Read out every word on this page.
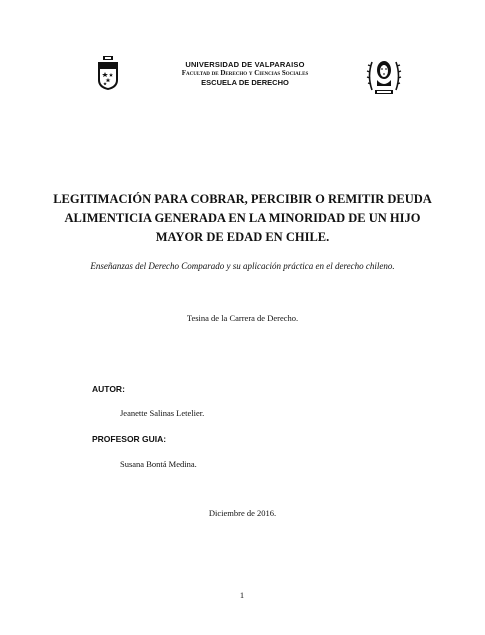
UNIVERSIDAD DE VALPARAISO
Facultad de Derecho y Ciencias Sociales
ESCUELA DE DERECHO
LEGITIMACIÓN PARA COBRAR, PERCIBIR O REMITIR DEUDA
ALIMENTICIA GENERADA EN LA MINORIDAD DE UN HIJO
MAYOR DE EDAD EN CHILE.
Enseñanzas del Derecho Comparado y su aplicación práctica en el derecho chileno.
Tesina de la Carrera de Derecho.
AUTOR:
Jeanette Salinas Letelier.
PROFESOR GUIA:
Susana Bontá Medina.
Diciembre de 2016.
1
